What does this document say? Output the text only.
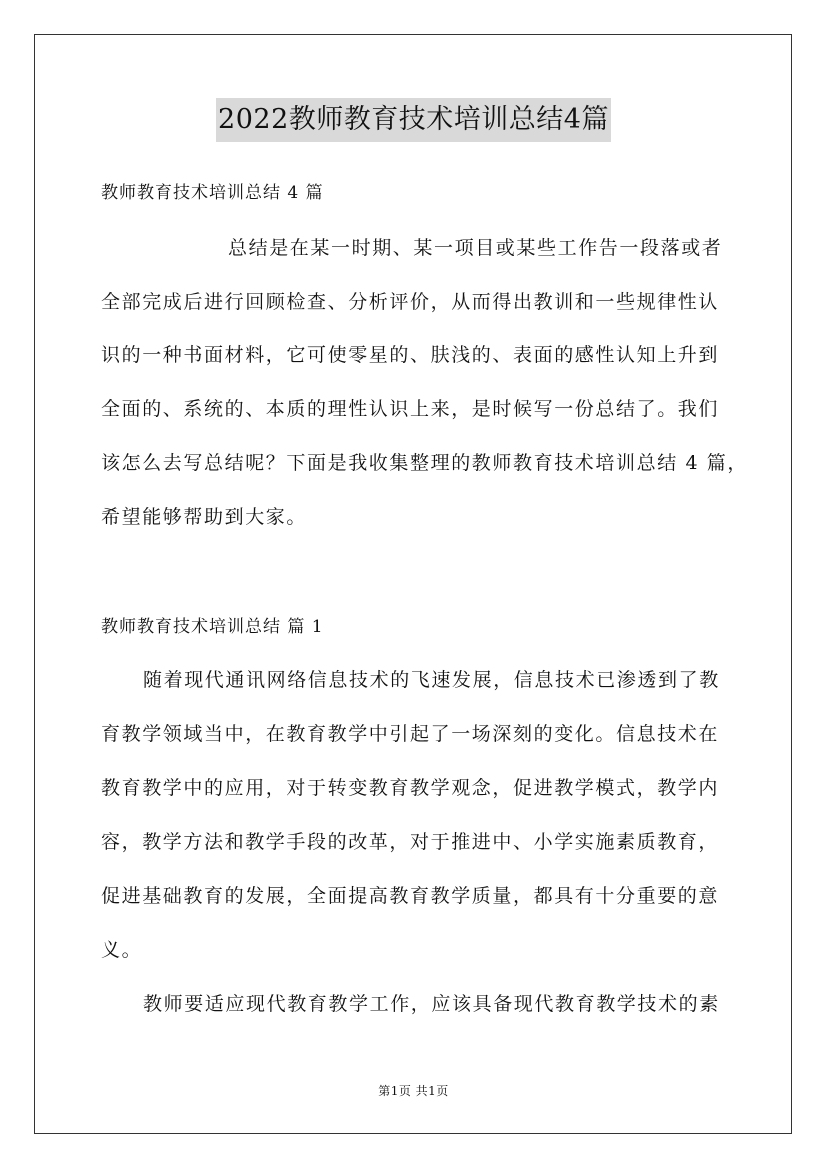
2022教师教育技术培训总结4篇
教师教育技术培训总结 4 篇
总结是在某一时期、某一项目或某些工作告一段落或者
全部完成后进行回顾检查、分析评价，从而得出教训和一些规律性认
识的一种书面材料，它可使零星的、肤浅的、表面的感性认知上升到
全面的、系统的、本质的理性认识上来，是时候写一份总结了。我们
该怎么去写总结呢？下面是我收集整理的教师教育技术培训总结 4 篇，
希望能够帮助到大家。
教师教育技术培训总结 篇 1
随着现代通讯网络信息技术的飞速发展，信息技术已渗透到了教
育教学领域当中，在教育教学中引起了一场深刻的变化。信息技术在
教育教学中的应用，对于转变教育教学观念，促进教学模式，教学内
容，教学方法和教学手段的改革，对于推进中、小学实施素质教育，
促进基础教育的发展，全面提高教育教学质量，都具有十分重要的意
义。
教师要适应现代教育教学工作，应该具备现代教育教学技术的素
第1页 共1页
